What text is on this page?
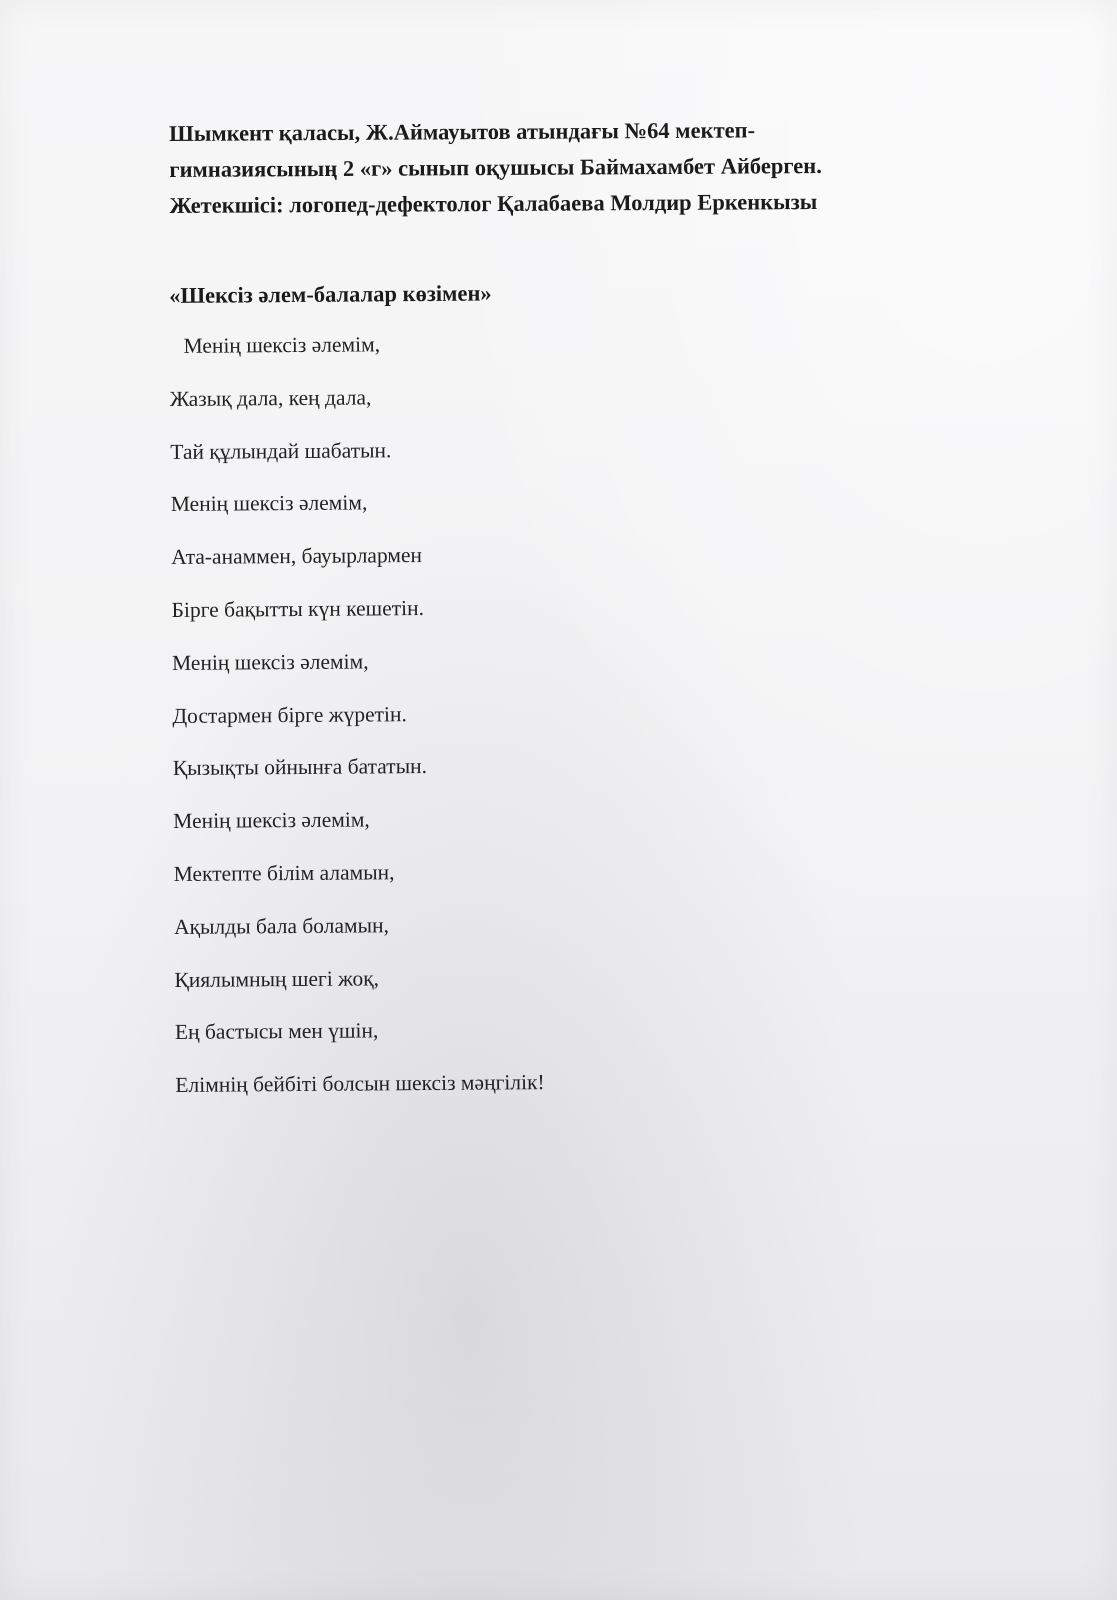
Шымкент қаласы, Ж.Аймауытов атындағы №64 мектеп-
гимназиясының 2 «г» сынып оқушысы Баймахамбет Айберген.
Жетекшісі: логопед-дефектолог Қалабаева Молдир Еркенкызы
«Шексіз әлем-балалар көзімен»
Менің шексіз әлемім,
Жазық дала, кең дала,
Тай құлындай шабатын.
Менің шексіз әлемім,
Ата-анаммен, бауырлармен
Бірге бақытты күн кешетін.
Менің шексіз әлемім,
Достармен бірге жүретін.
Қызықты ойнынға бататын.
Менің шексіз әлемім,
Мектепте білім аламын,
Ақылды бала боламын,
Қиялымның шегі жоқ,
Ең бастысы мен үшін,
Елімнің бейбіті болсын шексіз мәңгілік!
